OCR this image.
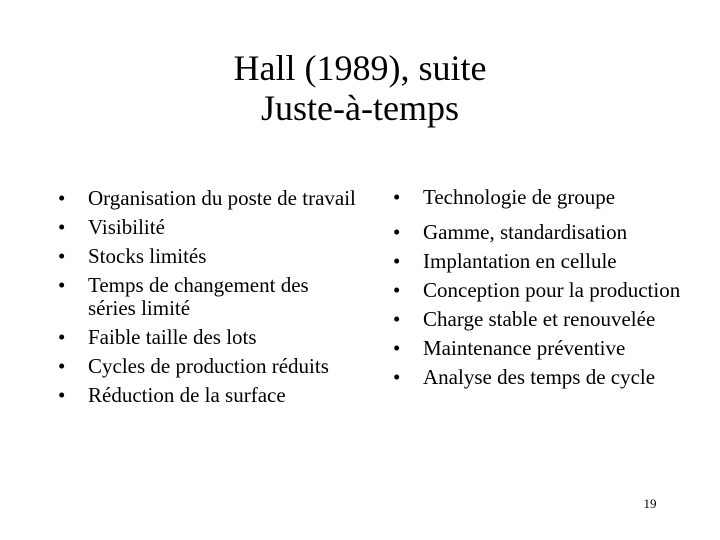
Hall (1989), suite
Juste-à-temps
•	Organisation du poste de travail
•	Visibilité
•	Stocks limités
•	Temps de changement des séries limité
•	Faible taille des lots
•	Cycles de production réduits
•	Réduction de la surface
•	Technologie de groupe
•	Gamme, standardisation
•	Implantation en cellule
•	Conception pour la production
•	Charge stable et renouvelée
•	Maintenance préventive
•	Analyse des temps de cycle
19
